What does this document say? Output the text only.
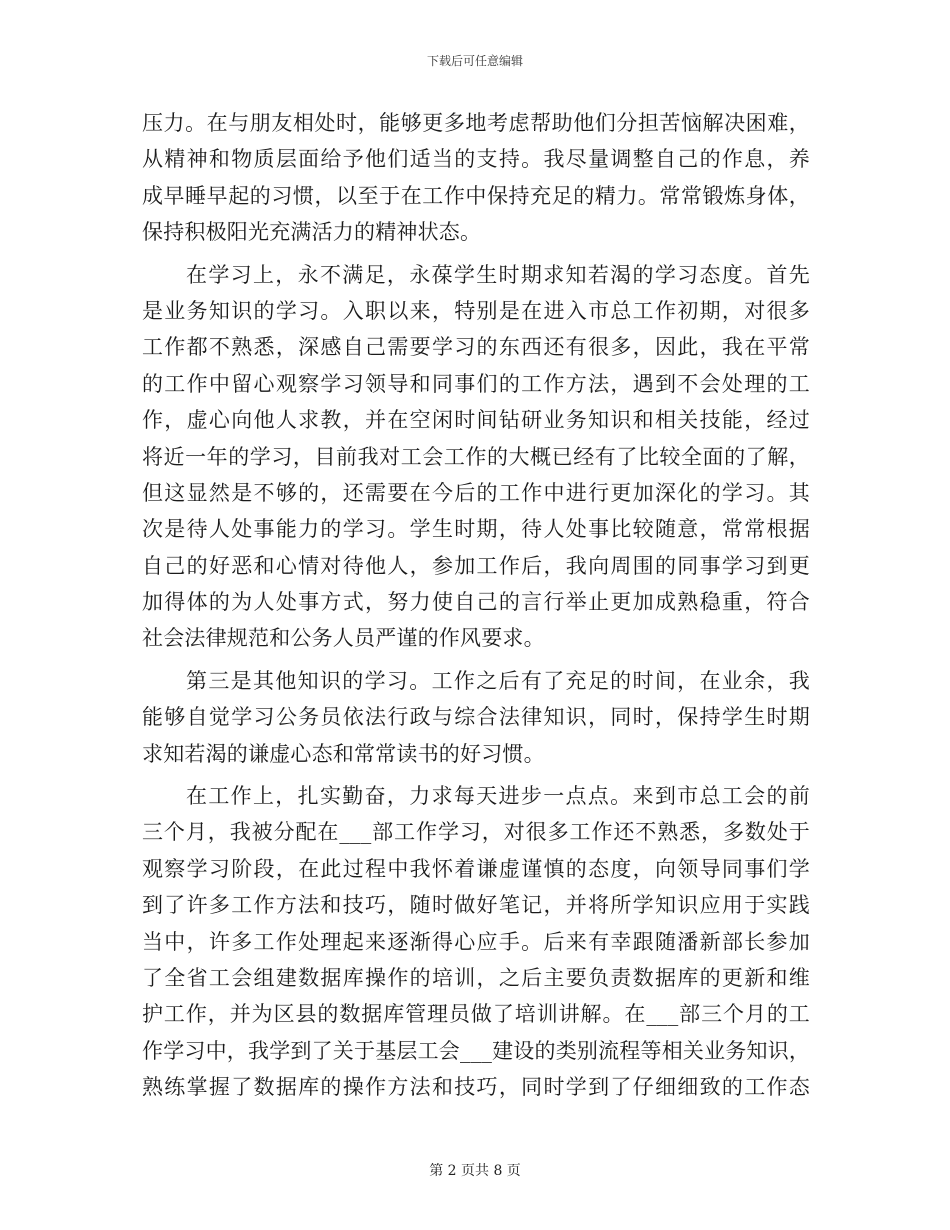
下载后可任意编辑
压力。在与朋友相处时，能够更多地考虑帮助他们分担苦恼解决困难，
从精神和物质层面给予他们适当的支持。我尽量调整自己的作息，养
成早睡早起的习惯，以至于在工作中保持充足的精力。常常锻炼身体，
保持积极阳光充满活力的精神状态。
在学习上，永不满足，永葆学生时期求知若渴的学习态度。首先
是业务知识的学习。入职以来，特别是在进入市总工作初期，对很多
工作都不熟悉，深感自己需要学习的东西还有很多，因此，我在平常
的工作中留心观察学习领导和同事们的工作方法，遇到不会处理的工
作，虚心向他人求教，并在空闲时间钻研业务知识和相关技能，经过
将近一年的学习，目前我对工会工作的大概已经有了比较全面的了解，
但这显然是不够的，还需要在今后的工作中进行更加深化的学习。其
次是待人处事能力的学习。学生时期，待人处事比较随意，常常根据
自己的好恶和心情对待他人，参加工作后，我向周围的同事学习到更
加得体的为人处事方式，努力使自己的言行举止更加成熟稳重，符合
社会法律规范和公务人员严谨的作风要求。
第三是其他知识的学习。工作之后有了充足的时间，在业余，我
能够自觉学习公务员依法行政与综合法律知识，同时，保持学生时期
求知若渴的谦虚心态和常常读书的好习惯。
在工作上，扎实勤奋，力求每天进步一点点。来到市总工会的前
三个月，我被分配在___部工作学习，对很多工作还不熟悉，多数处于
观察学习阶段，在此过程中我怀着谦虚谨慎的态度，向领导同事们学
到了许多工作方法和技巧，随时做好笔记，并将所学知识应用于实践
当中，许多工作处理起来逐渐得心应手。后来有幸跟随潘新部长参加
了全省工会组建数据库操作的培训，之后主要负责数据库的更新和维
护工作，并为区县的数据库管理员做了培训讲解。在___部三个月的工
作学习中，我学到了关于基层工会___建设的类别流程等相关业务知识，
熟练掌握了数据库的操作方法和技巧，同时学到了仔细细致的工作态
第 2 页共 8 页
